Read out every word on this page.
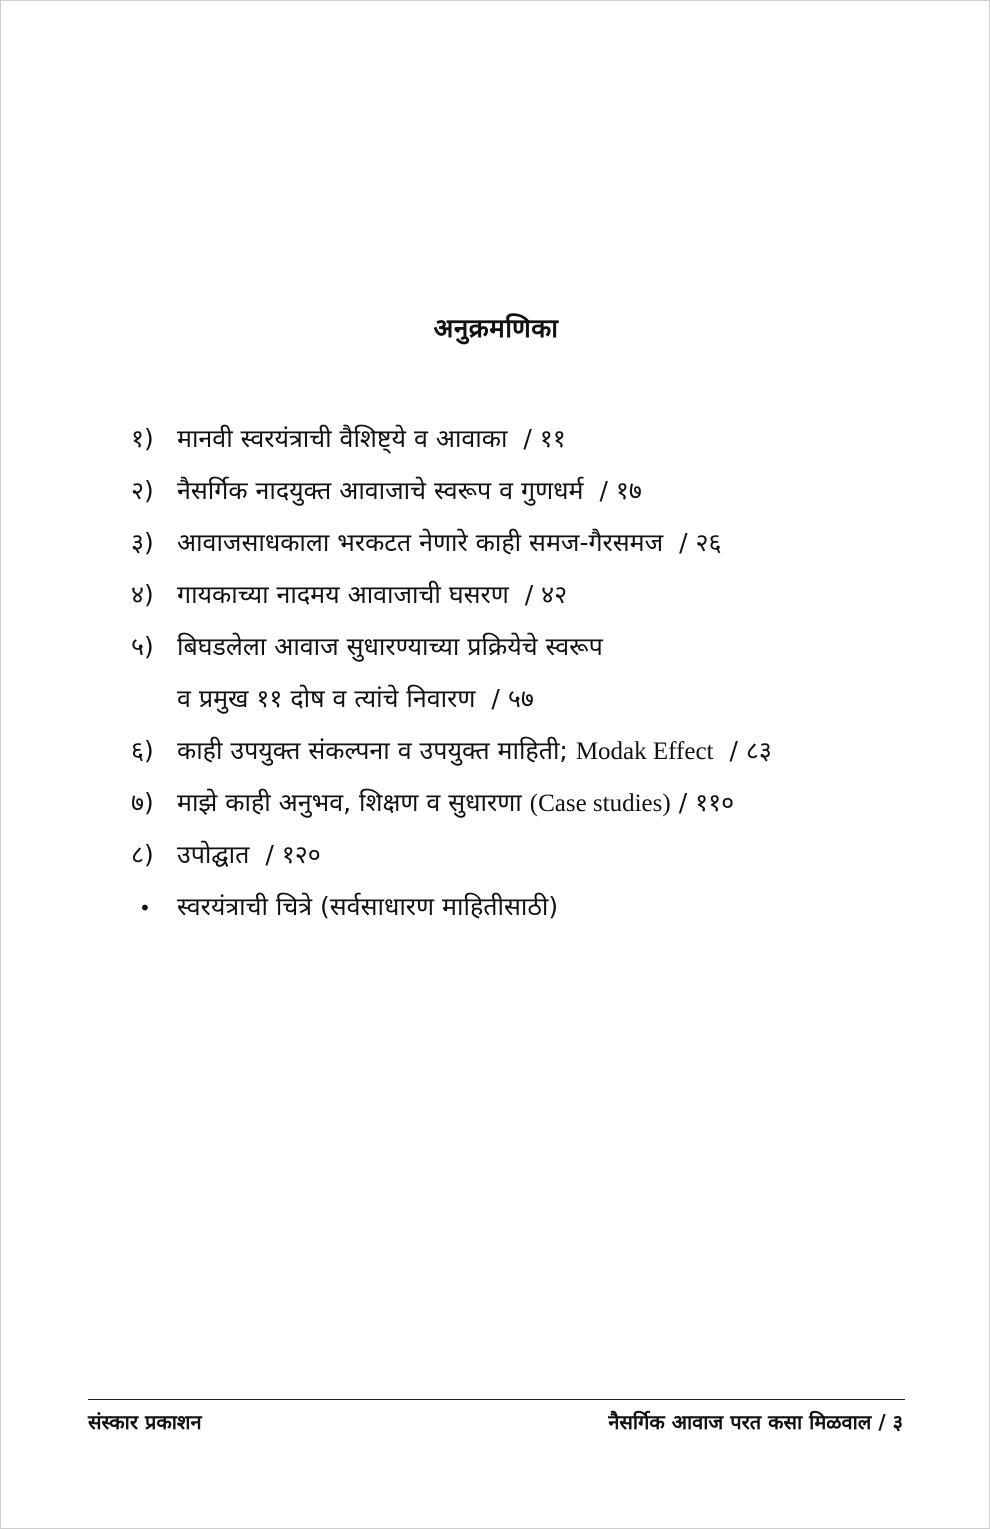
अनुक्रमणिका
१) मानवी स्वरयंत्राची वैशिष्ट्ये व आवाका / ११
२) नैसर्गिक नादयुक्त आवाजाचे स्वरूप व गुणधर्म / १७
३) आवाजसाधकाला भरकटत नेणारे काही समज-गैरसमज / २६
४) गायकाच्या नादमय आवाजाची घसरण / ४२
५) बिघडलेला आवाज सुधारण्याच्या प्रक्रियेचे स्वरूप
व प्रमुख ११ दोष व त्यांचे निवारण / ५७
६) काही उपयुक्त संकल्पना व उपयुक्त माहिती; Modak Effect / ८३
७) माझे काही अनुभव, शिक्षण व सुधारणा (Case studies) / ११०
८) उपोद्घात / १२०
• स्वरयंत्राची चित्रे (सर्वसाधारण माहितीसाठी)
संस्कार प्रकाशन	नैसर्गिक आवाज परत कसा मिळवाल / ३
